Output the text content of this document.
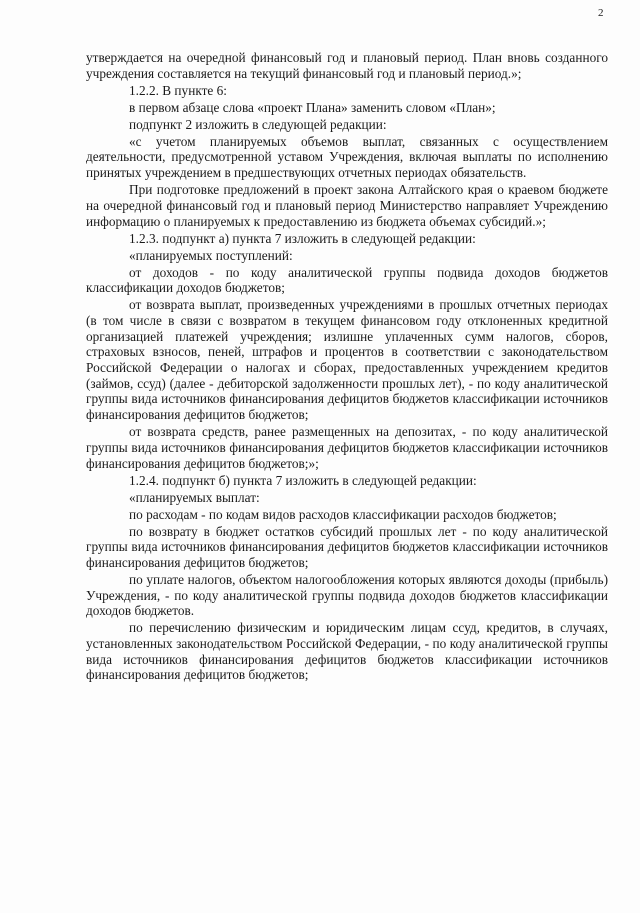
2

утверждается на очередной финансовый год и плановый период. План вновь созданного учреждения составляется на текущий финансовый год и плановый период.»;

1.2.2. В пункте 6:

в первом абзаце слова «проект Плана» заменить словом «План»;

подпункт 2 изложить в следующей редакции:

«с учетом планируемых объемов выплат, связанных с осуществлением деятельности, предусмотренной уставом Учреждения, включая выплаты по исполнению принятых учреждением в предшествующих отчетных периодах обязательств.

При подготовке предложений в проект закона Алтайского края о краевом бюджете на очередной финансовый год и плановый период Министерство направляет Учреждению информацию о планируемых к предоставлению из бюджета объемах субсидий.»;

1.2.3. подпункт а) пункта 7 изложить в следующей редакции:

«планируемых поступлений:

от доходов - по коду аналитической группы подвида доходов бюджетов классификации доходов бюджетов;

от возврата выплат, произведенных учреждениями в прошлых отчетных периодах (в том числе в связи с возвратом в текущем финансовом году отклоненных кредитной организацией платежей учреждения; излишне уплаченных сумм налогов, сборов, страховых взносов, пеней, штрафов и процентов в соответствии с законодательством Российской Федерации о налогах и сборах, предоставленных учреждением кредитов (займов, ссуд) (далее - дебиторской задолженности прошлых лет), - по коду аналитической группы вида источников финансирования дефицитов бюджетов классификации источников финансирования дефицитов бюджетов;

от возврата средств, ранее размещенных на депозитах, - по коду аналитической группы вида источников финансирования дефицитов бюджетов классификации источников финансирования дефицитов бюджетов;»;

1.2.4. подпункт б) пункта 7 изложить в следующей редакции:

«планируемых выплат:

по расходам - по кодам видов расходов классификации расходов бюджетов;

по возврату в бюджет остатков субсидий прошлых лет - по коду аналитической группы вида источников финансирования дефицитов бюджетов классификации источников финансирования дефицитов бюджетов;

по уплате налогов, объектом налогообложения которых являются доходы (прибыль) Учреждения, - по коду аналитической группы подвида доходов бюджетов классификации доходов бюджетов.

по перечислению физическим и юридическим лицам ссуд, кредитов, в случаях, установленных законодательством Российской Федерации, - по коду аналитической группы вида источников финансирования дефицитов бюджетов классификации источников финансирования дефицитов бюджетов;
